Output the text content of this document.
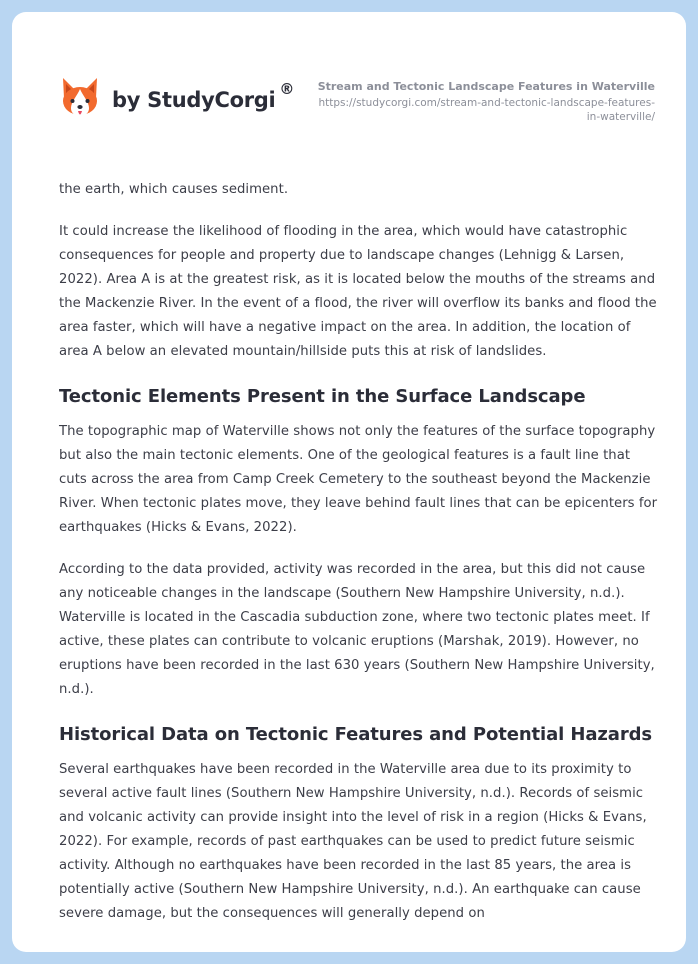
by StudyCorgi ® Stream and Tectonic Landscape Features in Waterville
https://studycorgi.com/stream-and-tectonic-landscape-features-in-waterville/

the earth, which causes sediment.

It could increase the likelihood of flooding in the area, which would have catastrophic consequences for people and property due to landscape changes (Lehnigg & Larsen, 2022). Area A is at the greatest risk, as it is located below the mouths of the streams and the Mackenzie River. In the event of a flood, the river will overflow its banks and flood the area faster, which will have a negative impact on the area. In addition, the location of area A below an elevated mountain/hillside puts this at risk of landslides.

Tectonic Elements Present in the Surface Landscape

The topographic map of Waterville shows not only the features of the surface topography but also the main tectonic elements. One of the geological features is a fault line that cuts across the area from Camp Creek Cemetery to the southeast beyond the Mackenzie River. When tectonic plates move, they leave behind fault lines that can be epicenters for earthquakes (Hicks & Evans, 2022).

According to the data provided, activity was recorded in the area, but this did not cause any noticeable changes in the landscape (Southern New Hampshire University, n.d.). Waterville is located in the Cascadia subduction zone, where two tectonic plates meet. If active, these plates can contribute to volcanic eruptions (Marshak, 2019). However, no eruptions have been recorded in the last 630 years (Southern New Hampshire University, n.d.).

Historical Data on Tectonic Features and Potential Hazards

Several earthquakes have been recorded in the Waterville area due to its proximity to several active fault lines (Southern New Hampshire University, n.d.). Records of seismic and volcanic activity can provide insight into the level of risk in a region (Hicks & Evans, 2022). For example, records of past earthquakes can be used to predict future seismic activity. Although no earthquakes have been recorded in the last 85 years, the area is potentially active (Southern New Hampshire University, n.d.). An earthquake can cause severe damage, but the consequences will generally depend on
